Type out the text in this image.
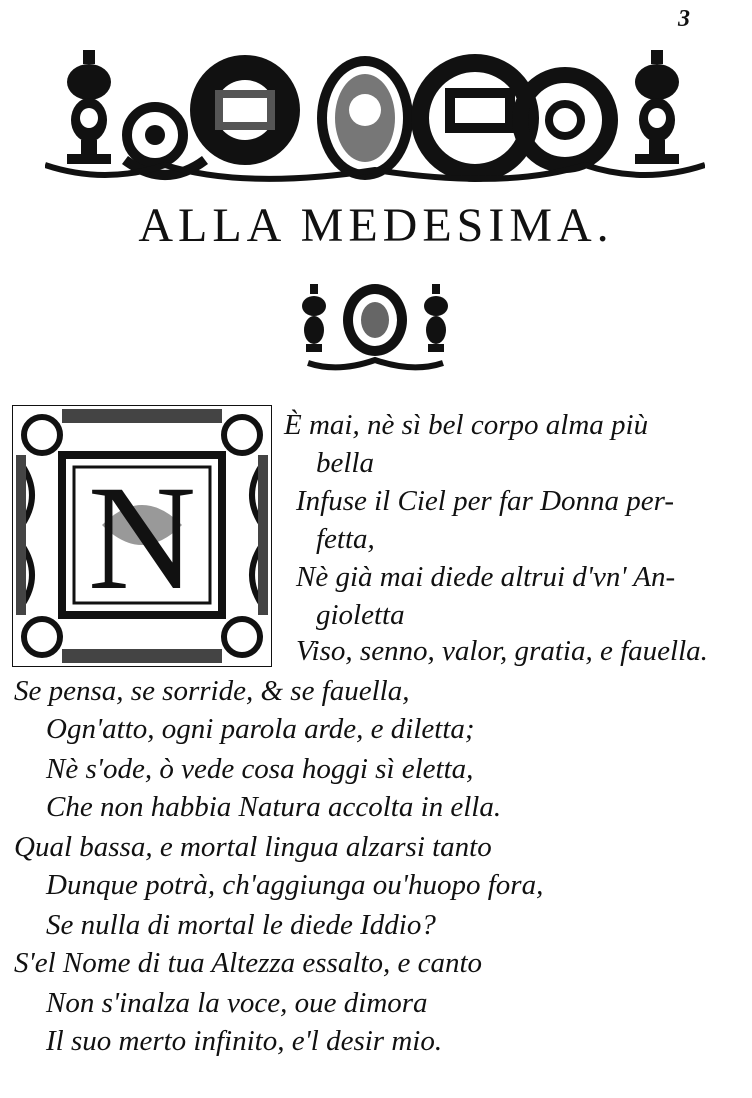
3
ALLA MEDESIMA.
N
È mai, nè sì bel corpo alma più
bella
Infuse il Ciel per far Donna per-
fetta,
Nè già mai diede altrui d'vn' An-
gioletta
Viso, senno, valor, gratia, e fauella.
Se pensa, se sorride, & se fauella,
Ogn'atto, ogni parola arde, e diletta;
Nè s'ode, ò vede cosa hoggi sì eletta,
Che non habbia Natura accolta in ella.
Qual bassa, e mortal lingua alzarsi tanto
Dunque potrà, ch'aggiunga ou'huopo fora,
Se nulla di mortal le diede Iddio?
S'el Nome di tua Altezza essalto, e canto
Non s'inalza la voce, oue dimora
Il suo merto infinito, e'l desir mio.
